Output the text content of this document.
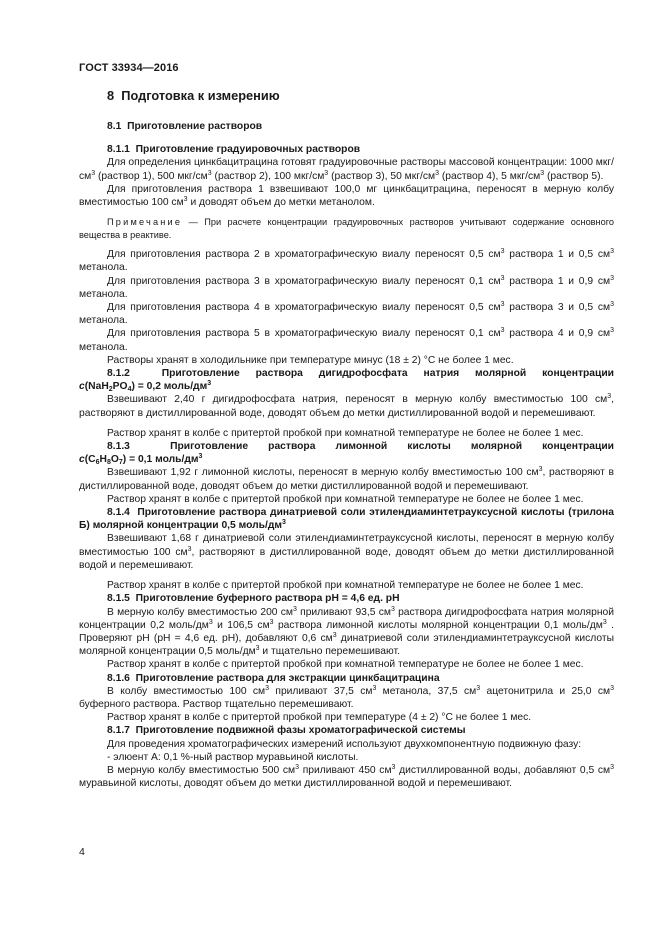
ГОСТ 33934—2016

8 Подготовка к измерению

8.1 Приготовление растворов

8.1.1 Приготовление градуировочных растворов

Для определения цинкбацитрацина готовят градуировочные растворы массовой концентрации: 1000 мкг/$см^3$ (раствор 1), 500 мкг/$см^3$ (раствор 2), 100 мкг/$см^3$ (раствор 3), 50 мкг/$см^3$ (раствор 4), 5 мкг/$см^3$ (раствор 5).

Для приготовления раствора 1 взвешивают 100,0 мг цинкбацитрацина, переносят в мерную колбу вместимостью 100 $см^3$ и доводят объем до метки метанолом.

Примечание — При расчете концентрации градуировочных растворов учитывают содержание основного вещества в реактиве.

Для приготовления раствора 2 в хроматографическую виалу переносят 0,5 $см^3$ раствора 1 и 0,5 $см^3$ метанола.

Для приготовления раствора 3 в хроматографическую виалу переносят 0,1 $см^3$ раствора 1 и 0,9 $см^3$ метанола.

Для приготовления раствора 4 в хроматографическую виалу переносят 0,5 $см^3$ раствора 3 и 0,5 $см^3$ метанола.

Для приготовления раствора 5 в хроматографическую виалу переносят 0,1 $см^3$ раствора 4 и 0,9 $см^3$ метанола.

Растворы хранят в холодильнике при температуре минус (18 ± 2) °С не более 1 мес.

8.1.2	Приготовление раствора дигидрофосфата натрия молярной концентрации

$c(NaH_2PO_4) = 0,2$ моль/$дм^3$

Взвешивают 2,40 г дигидрофосфата натрия, переносят в мерную колбу вместимостью 100 $см^3$, растворяют в дистиллированной воде, доводят объем до метки дистиллированной водой и перемешивают.

Раствор хранят в колбе с притертой пробкой при комнатной температуре не более не более 1 мес.

8.1.3	Приготовление раствора лимонной кислоты молярной концентрации

$c(C_6H_8O_7) = 0,1$ моль/$дм^3$

Взвешивают 1,92 г лимонной кислоты, переносят в мерную колбу вместимостью 100 $см^3$, растворяют в дистиллированной воде, доводят объем до метки дистиллированной водой и перемешивают.

Раствор хранят в колбе с притертой пробкой при комнатной температуре не более не более 1 мес.

8.1.4  Приготовление раствора динатриевой соли этилендиаминтетрауксусной кислоты (трилона Б) молярной концентрации 0,5 моль/$дм^3$

Взвешивают 1,68 г динатриевой соли этилендиаминтетрауксусной кислоты, переносят в мерную колбу вместимостью 100 $см^3$, растворяют в дистиллированной воде, доводят объем до метки дистиллированной водой и перемешивают.

Раствор хранят в колбе с притертой пробкой при комнатной температуре не более не более 1 мес.

8.1.5 Приготовление буферного раствора pH = 4,6 ед. pH

В мерную колбу вместимостью 200 $см^3$ приливают 93,5 $см^3$ раствора дигидрофосфата натрия молярной концентрации 0,2 моль/$дм^3$ и 106,5 $см^3$ раствора лимонной кислоты молярной концентрации 0,1 моль/$дм^3$ . Проверяют pH (pH = 4,6 ед. pH), добавляют 0,6 $см^3$ динатриевой соли этилендиаминтетрауксусной кислоты молярной концентрации 0,5 моль/$дм^3$ и тщательно перемешивают.

Раствор хранят в колбе с притертой пробкой при комнатной температуре не более не более 1 мес.

8.1.6 Приготовление раствора для экстракции цинкбацитрацина

В колбу вместимостью 100 $см^3$ приливают 37,5 $см^3$ метанола, 37,5 $см^3$ ацетонитрила и 25,0 $см^3$ буферного раствора. Раствор тщательно перемешивают.

Раствор хранят в колбе с притертой пробкой при температуре (4 ± 2) °С не более 1 мес.

8.1.7 Приготовление подвижной фазы хроматографической системы

Для проведения хроматографических измерений используют двухкомпонентную подвижную фазу:

- элюент А: 0,1 %-ный раствор муравьиной кислоты.

В мерную колбу вместимостью 500 $см^3$ приливают 450 $см^3$ дистиллированной воды, добавляют 0,5 $см^3$ муравьиной кислоты, доводят объем до метки дистиллированной водой и перемешивают.

4
